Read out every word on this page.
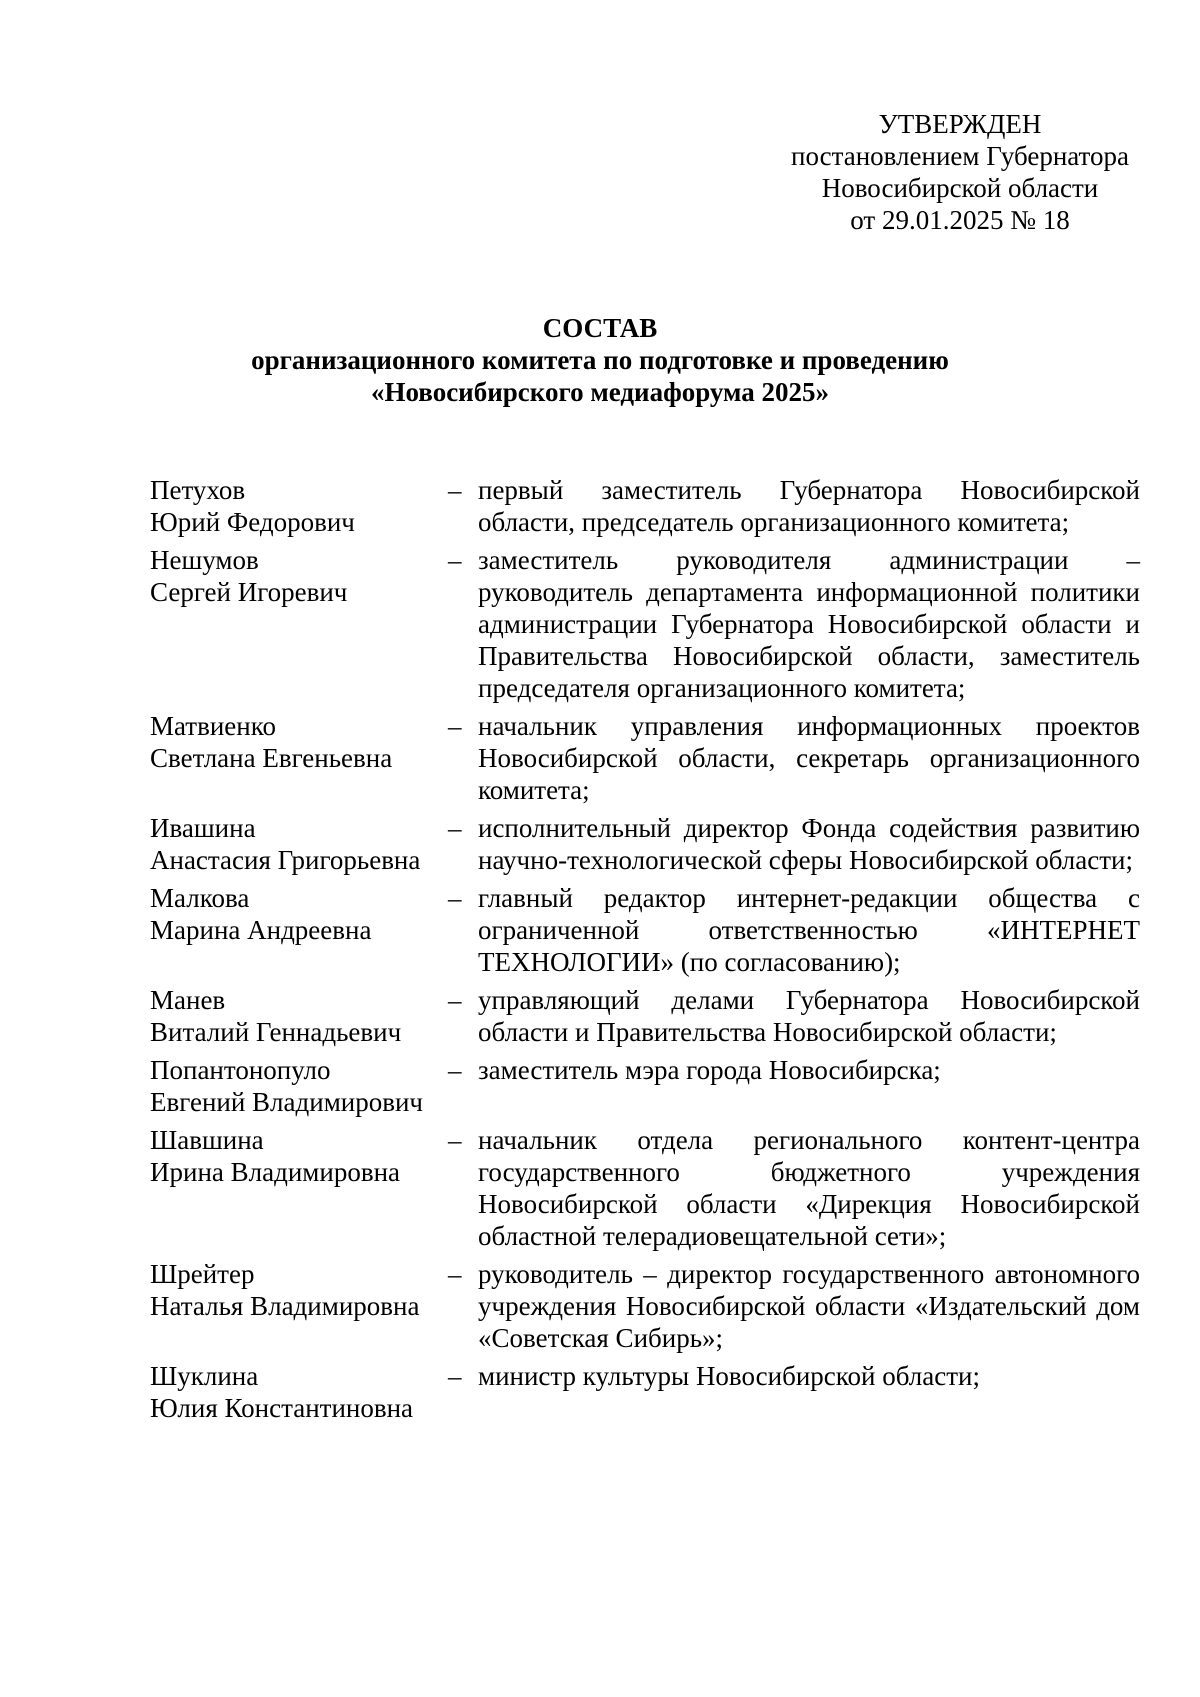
УТВЕРЖДЕН
постановлением Губернатора
Новосибирской области
от 29.01.2025 № 18
СОСТАВ
организационного комитета по подготовке и проведению
«Новосибирского медиафорума 2025»
Петухов
Юрий Федорович
– первый заместитель Губернатора Новосибирской области, председатель организационного комитета;
Нешумов
Сергей Игоревич
– заместитель руководителя администрации – руководитель департамента информационной политики администрации Губернатора Новосибирской области и Правительства Новосибирской области, заместитель председателя организационного комитета;
Матвиенко
Светлана Евгеньевна
– начальник управления информационных проектов Новосибирской области, секретарь организационного комитета;
Ивашина
Анастасия Григорьевна
– исполнительный директор Фонда содействия развитию научно-технологической сферы Новосибирской области;
Малкова
Марина Андреевна
– главный редактор интернет-редакции общества с ограниченной ответственностью «ИНТЕРНЕТ ТЕХНОЛОГИИ» (по согласованию);
Манев
Виталий Геннадьевич
– управляющий делами Губернатора Новосибирской области и Правительства Новосибирской области;
Попантонопуло
Евгений Владимирович
– заместитель мэра города Новосибирска;
Шавшина
Ирина Владимировна
– начальник отдела регионального контент-центра государственного бюджетного учреждения Новосибирской области «Дирекция Новосибирской областной телерадиовещательной сети»;
Шрейтер
Наталья Владимировна
– руководитель – директор государственного автономного учреждения Новосибирской области «Издательский дом «Советская Сибирь»;
Шуклина
Юлия Константиновна
– министр культуры Новосибирской области;
